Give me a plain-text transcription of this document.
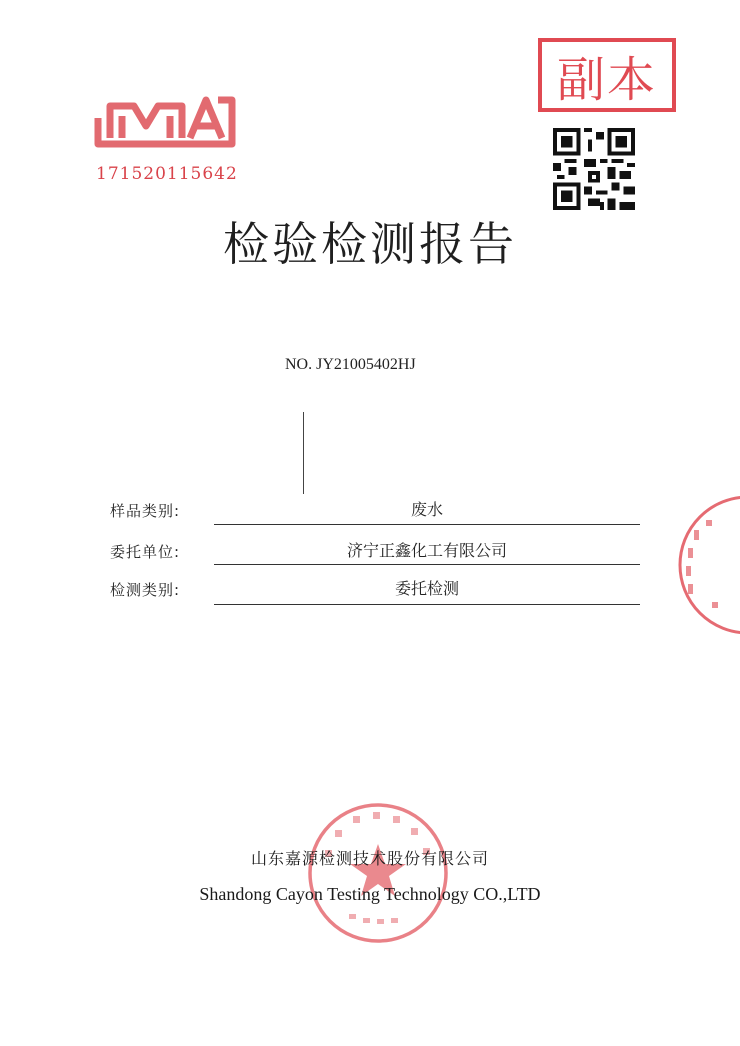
171520115642
副本
检验检测报告
NO. JY21005402HJ
样品类别:	废水
委托单位:	济宁正鑫化工有限公司
检测类别:	委托检测
山东嘉源检测技术股份有限公司
Shandong Cayon Testing Technology CO.,LTD
